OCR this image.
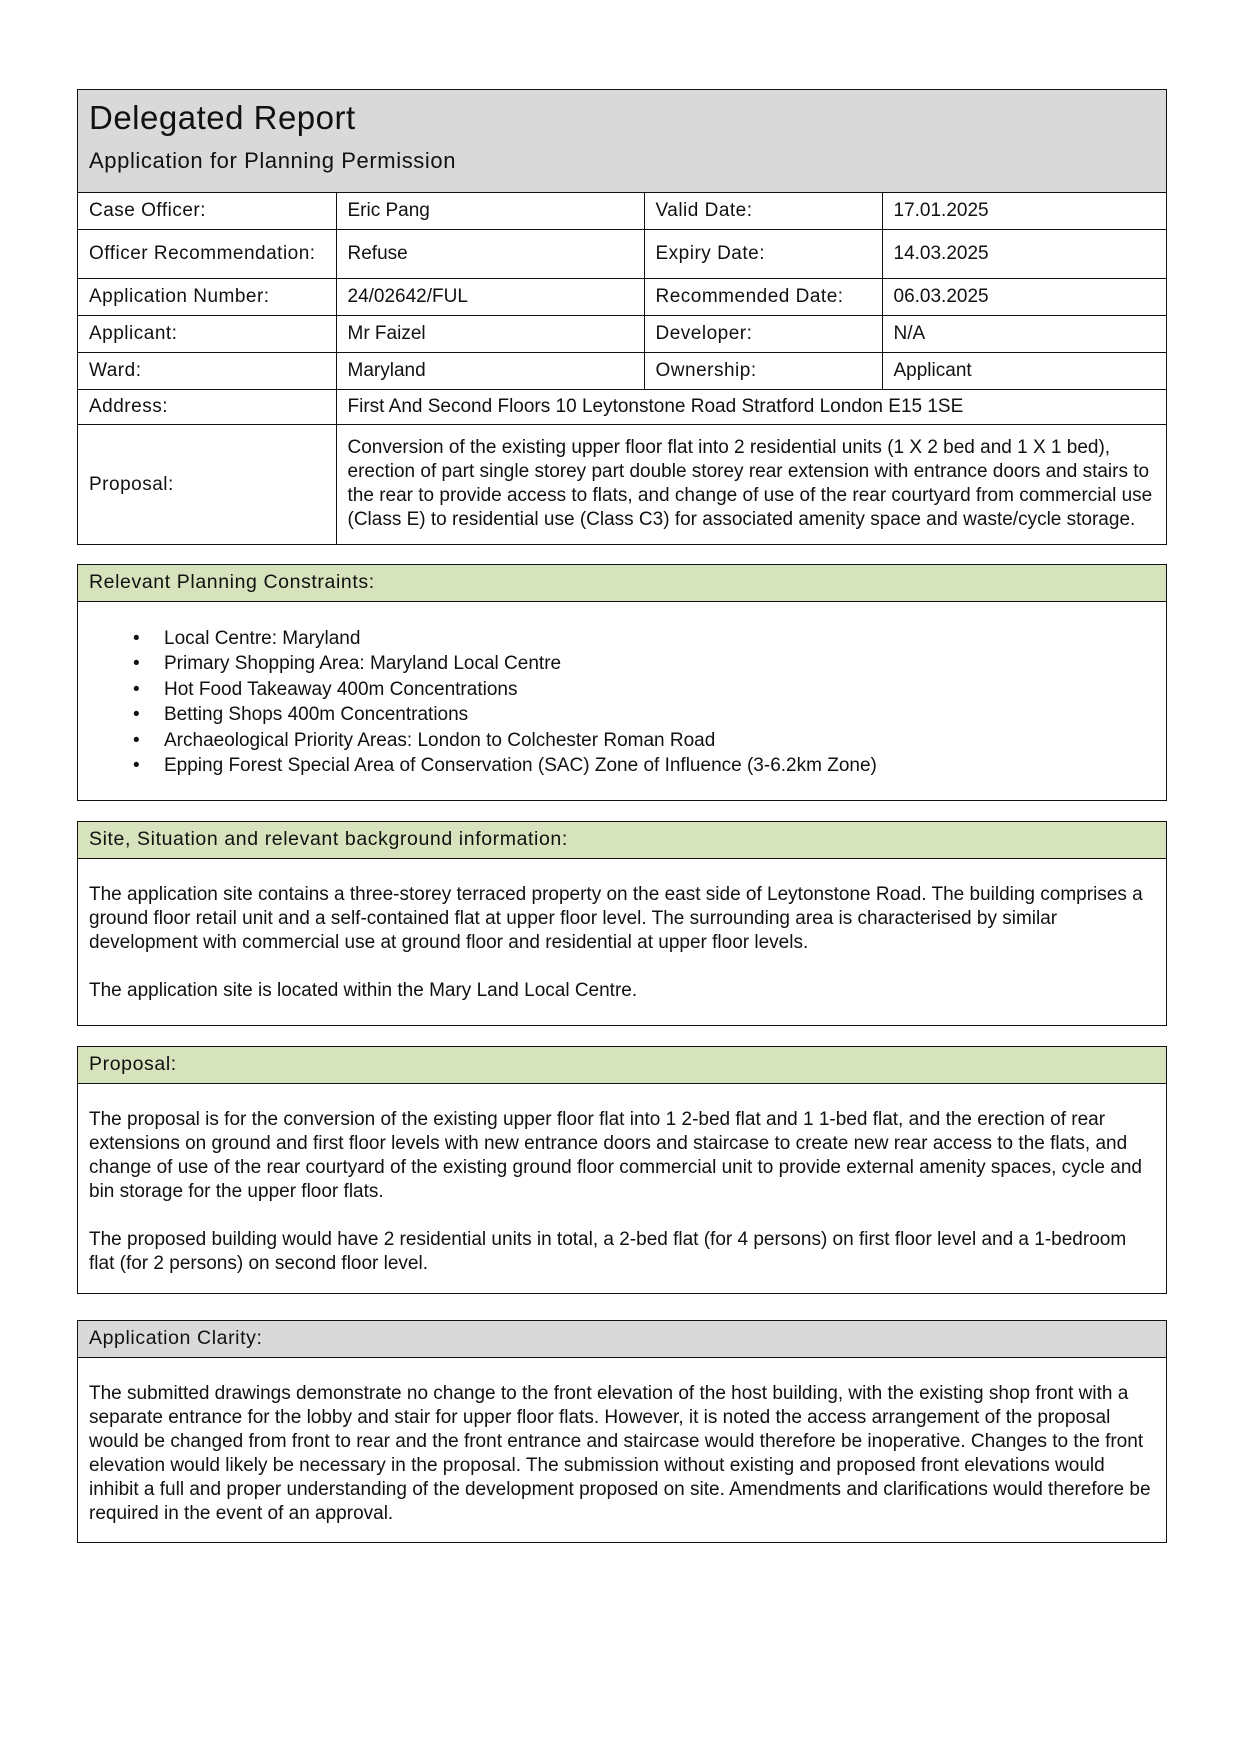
Delegated Report
Application for Planning Permission
Case Officer:	Eric Pang	Valid Date:	17.01.2025
Officer Recommendation:	Refuse	Expiry Date:	14.03.2025
Application Number:	24/02642/FUL	Recommended Date:	06.03.2025
Applicant:	Mr Faizel	Developer:	N/A
Ward:	Maryland	Ownership:	Applicant
Address:	First And Second Floors 10 Leytonstone Road Stratford London E15 1SE		
Proposal:	Conversion of the existing upper floor flat into 2 residential units (1 X 2 bed and 1 X 1 bed), erection of part single storey part double storey rear extension with entrance doors and stairs to the rear to provide access to flats, and change of use of the rear courtyard from commercial use (Class E) to residential use (Class C3) for associated amenity space and waste/cycle storage.		
Relevant Planning Constraints:
• Local Centre: Maryland
• Primary Shopping Area: Maryland Local Centre
• Hot Food Takeaway 400m Concentrations
• Betting Shops 400m Concentrations
• Archaeological Priority Areas: London to Colchester Roman Road
• Epping Forest Special Area of Conservation (SAC) Zone of Influence (3-6.2km Zone)
Site, Situation and relevant background information:

The application site contains a three-storey terraced property on the east side of Leytonstone Road. The building comprises a ground floor retail unit and a self-contained flat at upper floor level. The surrounding area is characterised by similar development with commercial use at ground floor and residential at upper floor levels.

The application site is located within the Mary Land Local Centre.

Proposal:

The proposal is for the conversion of the existing upper floor flat into 1 2-bed flat and 1 1-bed flat, and the erection of rear extensions on ground and first floor levels with new entrance doors and staircase to create new rear access to the flats, and change of use of the rear courtyard of the existing ground floor commercial unit to provide external amenity spaces, cycle and bin storage for the upper floor flats.

The proposed building would have 2 residential units in total, a 2-bed flat (for 4 persons) on first floor level and a 1-bedroom flat (for 2 persons) on second floor level.

Application Clarity:

The submitted drawings demonstrate no change to the front elevation of the host building, with the existing shop front with a separate entrance for the lobby and stair for upper floor flats. However, it is noted the access arrangement of the proposal would be changed from front to rear and the front entrance and staircase would therefore be inoperative. Changes to the front elevation would likely be necessary in the proposal. The submission without existing and proposed front elevations would inhibit a full and proper understanding of the development proposed on site. Amendments and clarifications would therefore be required in the event of an approval.
